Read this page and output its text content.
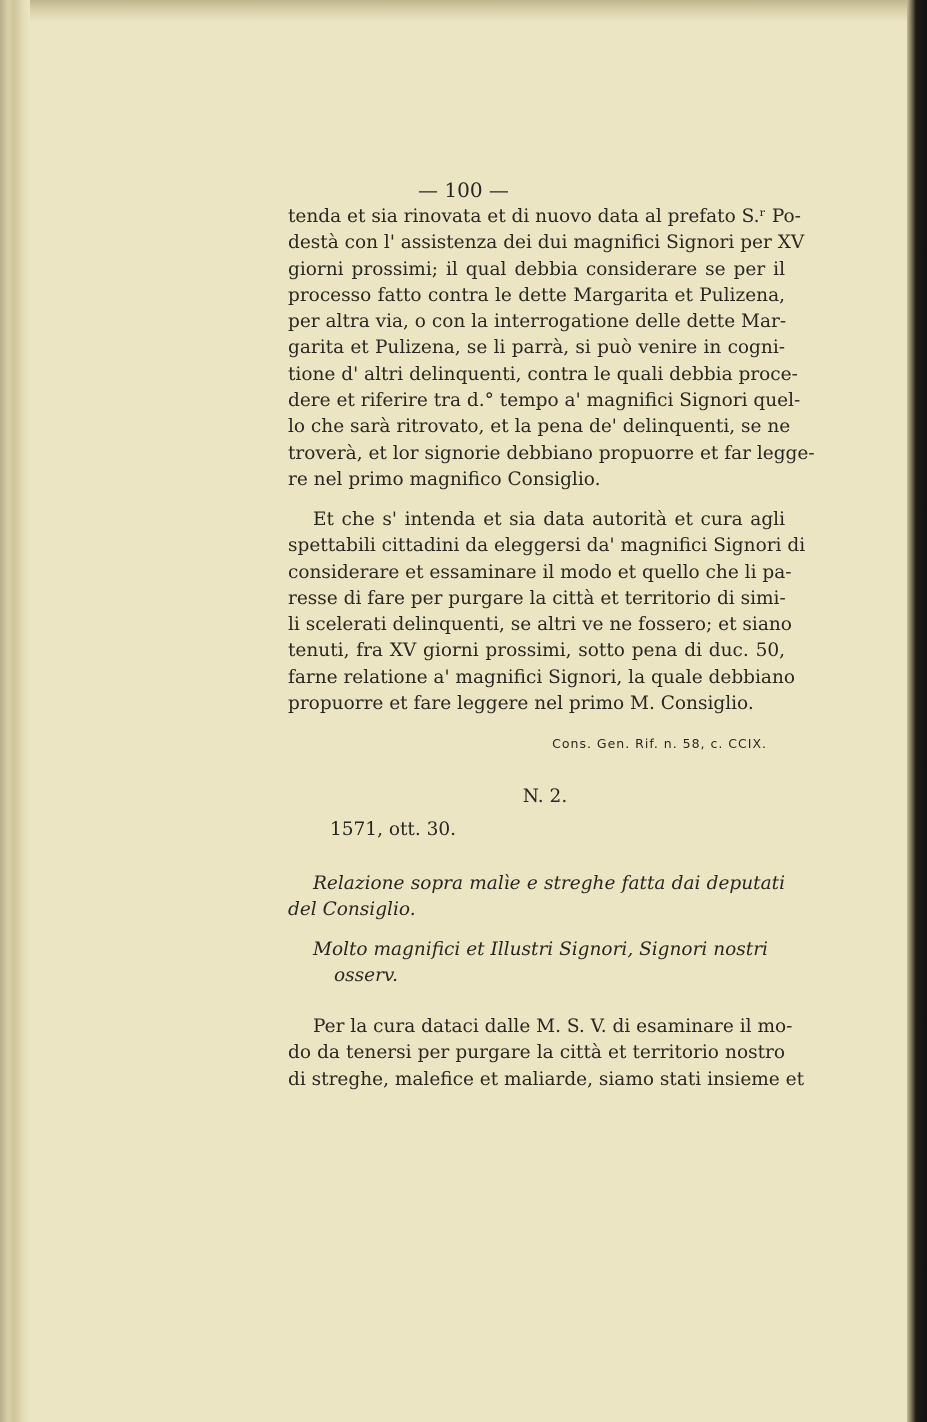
— 100 —
tenda et sia rinovata et di nuovo data al prefato S.ʳ Po-
destà con l' assistenza dei dui magnifici Signori per XV
giorni prossimi; il qual debbia considerare se per il
processo fatto contra le dette Margarita et Pulizena,
per altra via, o con la interrogatione delle dette Mar-
garita et Pulizena, se li parrà, si può venire in cogni-
tione d' altri delinquenti, contra le quali debbia proce-
dere et riferire tra d.° tempo a' magnifici Signori quel-
lo che sarà ritrovato, et la pena de' delinquenti, se ne
troverà, et lor signorie debbiano propuorre et far legge-
re nel primo magnifico Consiglio.
Et che s' intenda et sia data autorità et cura agli
spettabili cittadini da eleggersi da' magnifici Signori di
considerare et essaminare il modo et quello che li pa-
resse di fare per purgare la città et territorio di simi-
li scelerati delinquenti, se altri ve ne fossero; et siano
tenuti, fra XV giorni prossimi, sotto pena di duc. 50,
farne relatione a' magnifici Signori, la quale debbiano
propuorre et fare leggere nel primo M. Consiglio.
Cons. Gen. Rif. n. 58, c. CCIX.
N. 2.
1571, ott. 30.
Relazione sopra malìe e streghe fatta dai deputati
del Consiglio.
Molto magnifici et Illustri Signori, Signori nostri
osserv.
Per la cura dataci dalle M. S. V. di esaminare il mo-
do da tenersi per purgare la città et territorio nostro
di streghe, malefice et maliarde, siamo stati insieme et
